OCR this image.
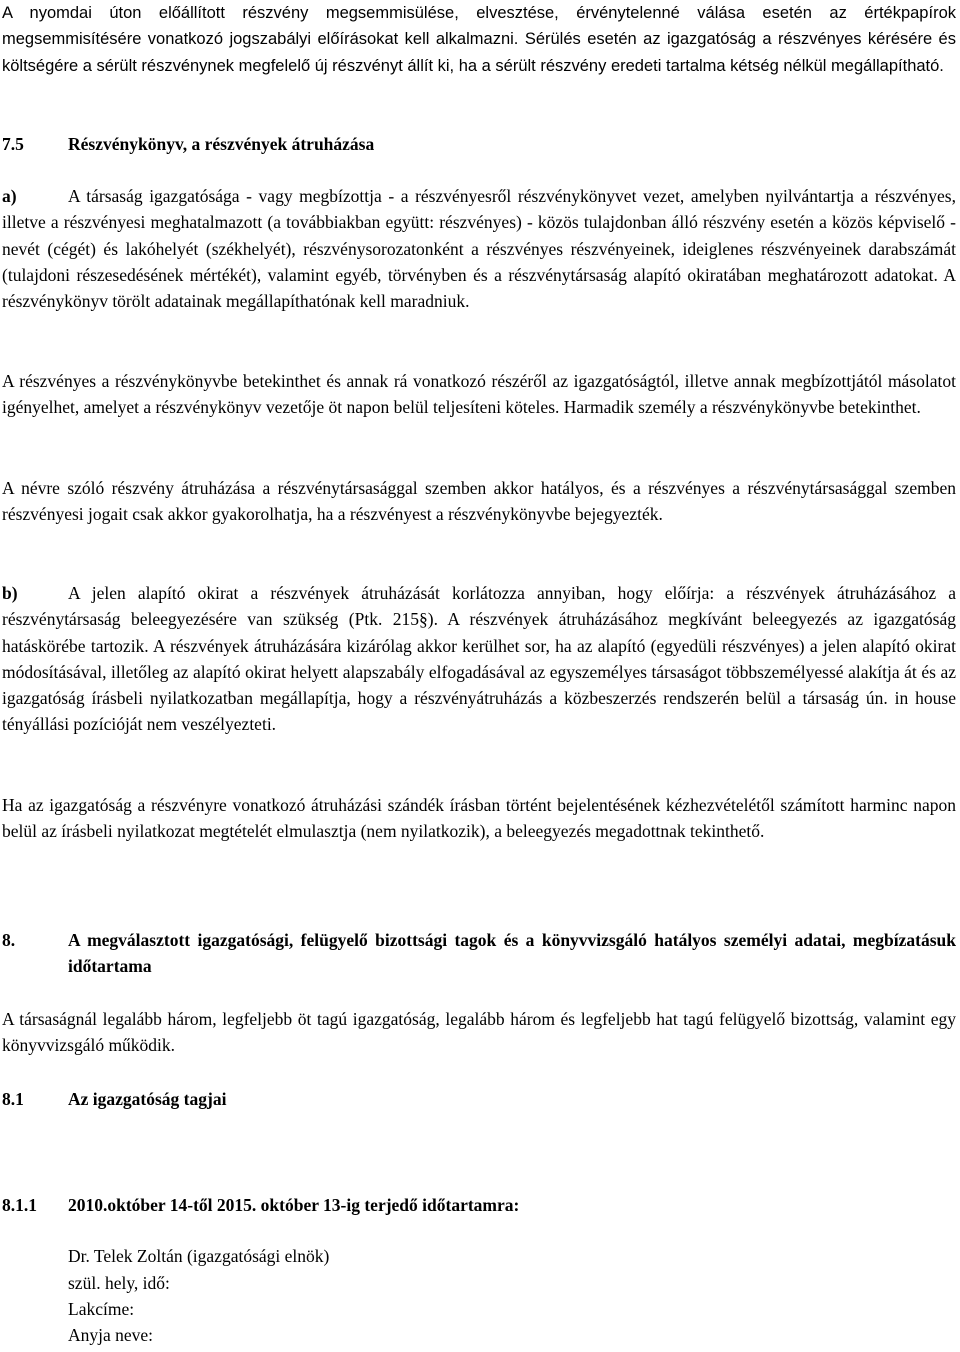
A nyomdai úton előállított részvény megsemmisülése, elvesztése, érvénytelenné válása esetén az értékpapírok megsemmisítésére vonatkozó jogszabályi előírásokat kell alkalmazni. Sérülés esetén az igazgatóság a részvényes kérésére és költségére a sérült részvénynek megfelelő új részvényt állít ki, ha a sérült részvény eredeti tartalma kétség nélkül megállapítható.

7.5	Részvénykönyv, a részvények átruházása

a)	A társaság igazgatósága - vagy megbízottja - a részvényesről részvénykönyvet vezet, amelyben nyilvántartja a részvényes, illetve a részvényesi meghatalmazott (a továbbiakban együtt: részvényes) - közös tulajdonban álló részvény esetén a közös képviselő - nevét (cégét) és lakóhelyét (székhelyét), részvénysorozatonként a részvényes részvényeinek, ideiglenes részvényeinek darabszámát (tulajdoni részesedésének mértékét), valamint egyéb, törvényben és a részvénytársaság alapító okiratában meghatározott adatokat. A részvénykönyv törölt adatainak megállapíthatónak kell maradniuk.

A részvényes a részvénykönyvbe betekinthet és annak rá vonatkozó részéről az igazgatóságtól, illetve annak megbízottjától másolatot igényelhet, amelyet a részvénykönyv vezetője öt napon belül teljesíteni köteles. Harmadik személy a részvénykönyvbe betekinthet.

A névre szóló részvény átruházása a részvénytársasággal szemben akkor hatályos, és a részvényes a részvénytársasággal szemben részvényesi jogait csak akkor gyakorolhatja, ha a részvényest a részvénykönyvbe bejegyezték.

b)	A jelen alapító okirat a részvények átruházását korlátozza annyiban, hogy előírja: a részvények átruházásához a részvénytársaság beleegyezésére van szükség (Ptk. 215§). A részvények átruházásához megkívánt beleegyezés az igazgatóság hatáskörébe tartozik. A részvények átruházására kizárólag akkor kerülhet sor, ha az alapító (egyedüli részvényes) a jelen alapító okirat módosításával, illetőleg az alapító okirat helyett alapszabály elfogadásával az egyszemélyes társaságot többszemélyessé alakítja át és az igazgatóság írásbeli nyilatkozatban megállapítja, hogy a részvényátruházás a közbeszerzés rendszerén belül a társaság ún. in house tényállási pozícióját nem veszélyezteti.

Ha az igazgatóság a részvényre vonatkozó átruházási szándék írásban történt bejelentésének kézhezvételétől számított harminc napon belül az írásbeli nyilatkozat megtételét elmulasztja (nem nyilatkozik), a beleegyezés megadottnak tekinthető.

8.	A megválasztott igazgatósági, felügyelő bizottsági tagok és a könyvvizsgáló hatályos személyi adatai, megbízatásuk időtartama

A társaságnál legalább három, legfeljebb öt tagú igazgatóság, legalább három és legfeljebb hat tagú felügyelő bizottság, valamint egy könyvvizsgáló működik.

8.1	Az igazgatóság tagjai
8.1.1	2010.október 14-től 2015. október 13-ig terjedő időtartamra:

Dr. Telek Zoltán (igazgatósági elnök)

szül. hely, idő:

Lakcíme:

Anyja neve:
